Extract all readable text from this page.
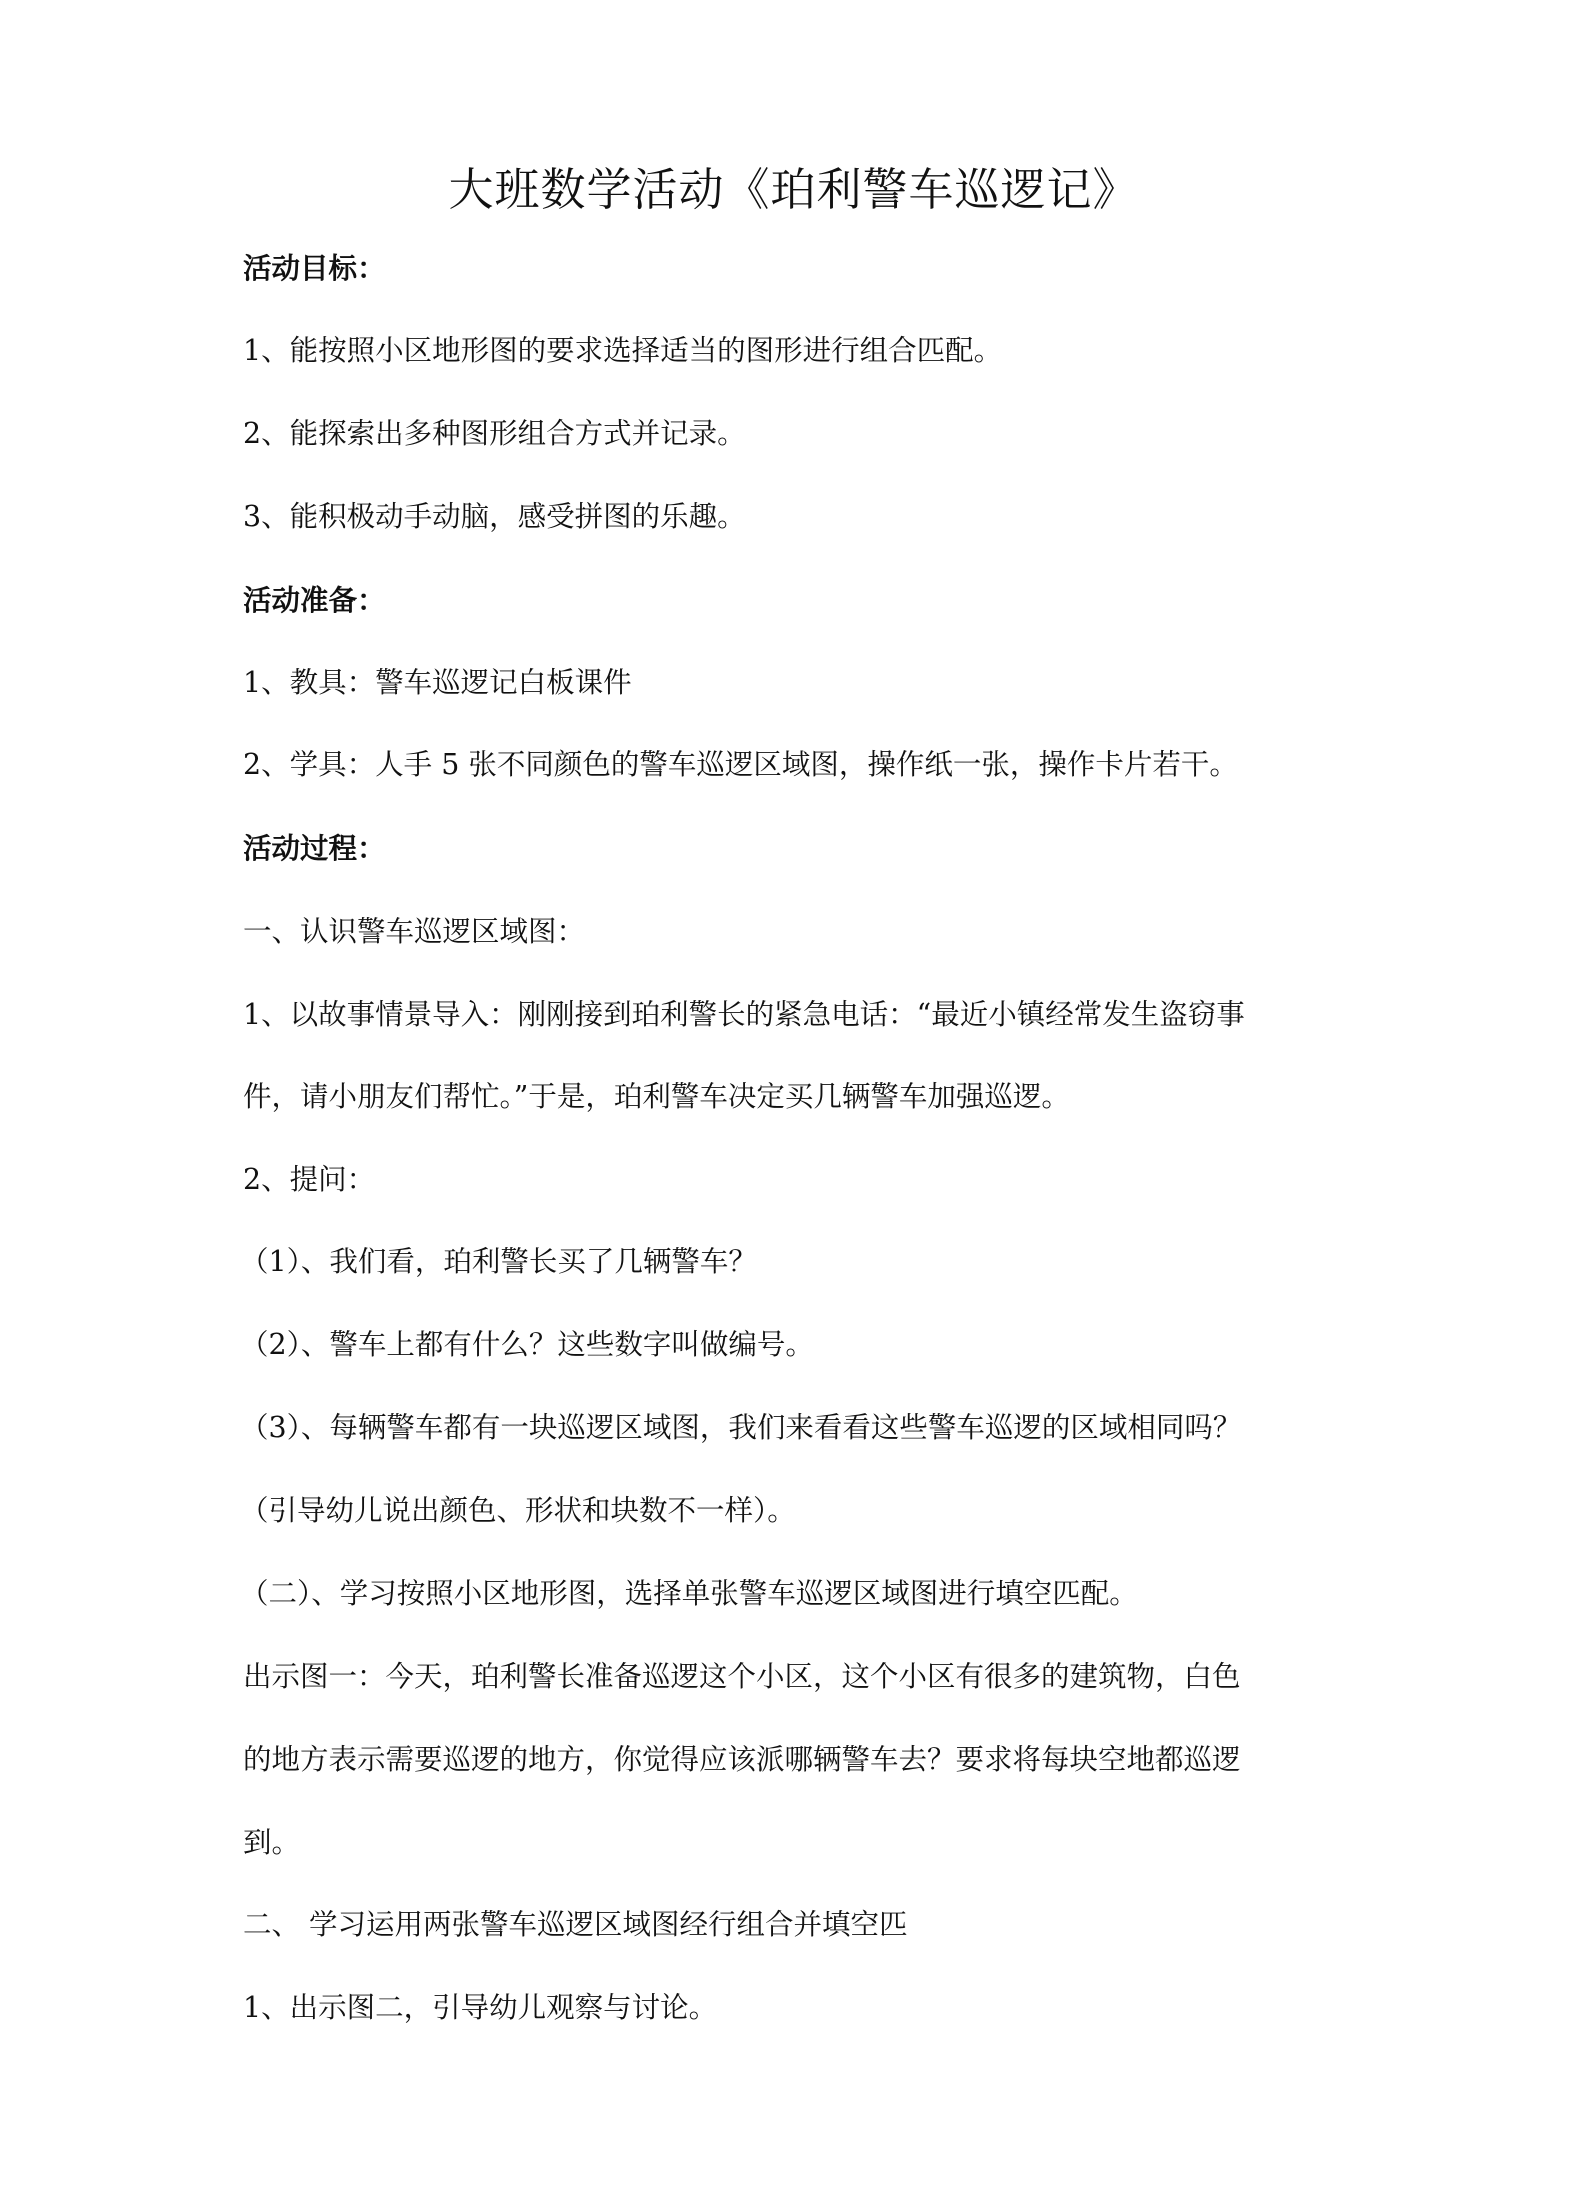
大班数学活动《珀利警车巡逻记》

活动目标：

1、能按照小区地形图的要求选择适当的图形进行组合匹配。

2、能探索出多种图形组合方式并记录。

3、能积极动手动脑，感受拼图的乐趣。

活动准备：

1、教具：警车巡逻记白板课件

2、学具：人手 5 张不同颜色的警车巡逻区域图，操作纸一张，操作卡片若干。

活动过程：

一、认识警车巡逻区域图：

1、以故事情景导入：刚刚接到珀利警长的紧急电话：“最近小镇经常发生盗窃事

件，请小朋友们帮忙。”于是，珀利警车决定买几辆警车加强巡逻。

2、提问：

（1）、我们看，珀利警长买了几辆警车？

（2）、警车上都有什么？这些数字叫做编号。

（3）、每辆警车都有一块巡逻区域图，我们来看看这些警车巡逻的区域相同吗？

（引导幼儿说出颜色、形状和块数不一样）。

（二）、学习按照小区地形图，选择单张警车巡逻区域图进行填空匹配。

出示图一：今天，珀利警长准备巡逻这个小区，这个小区有很多的建筑物，白色

的地方表示需要巡逻的地方，你觉得应该派哪辆警车去？要求将每块空地都巡逻

到。

二、 学习运用两张警车巡逻区域图经行组合并填空匹

1、出示图二，引导幼儿观察与讨论。
